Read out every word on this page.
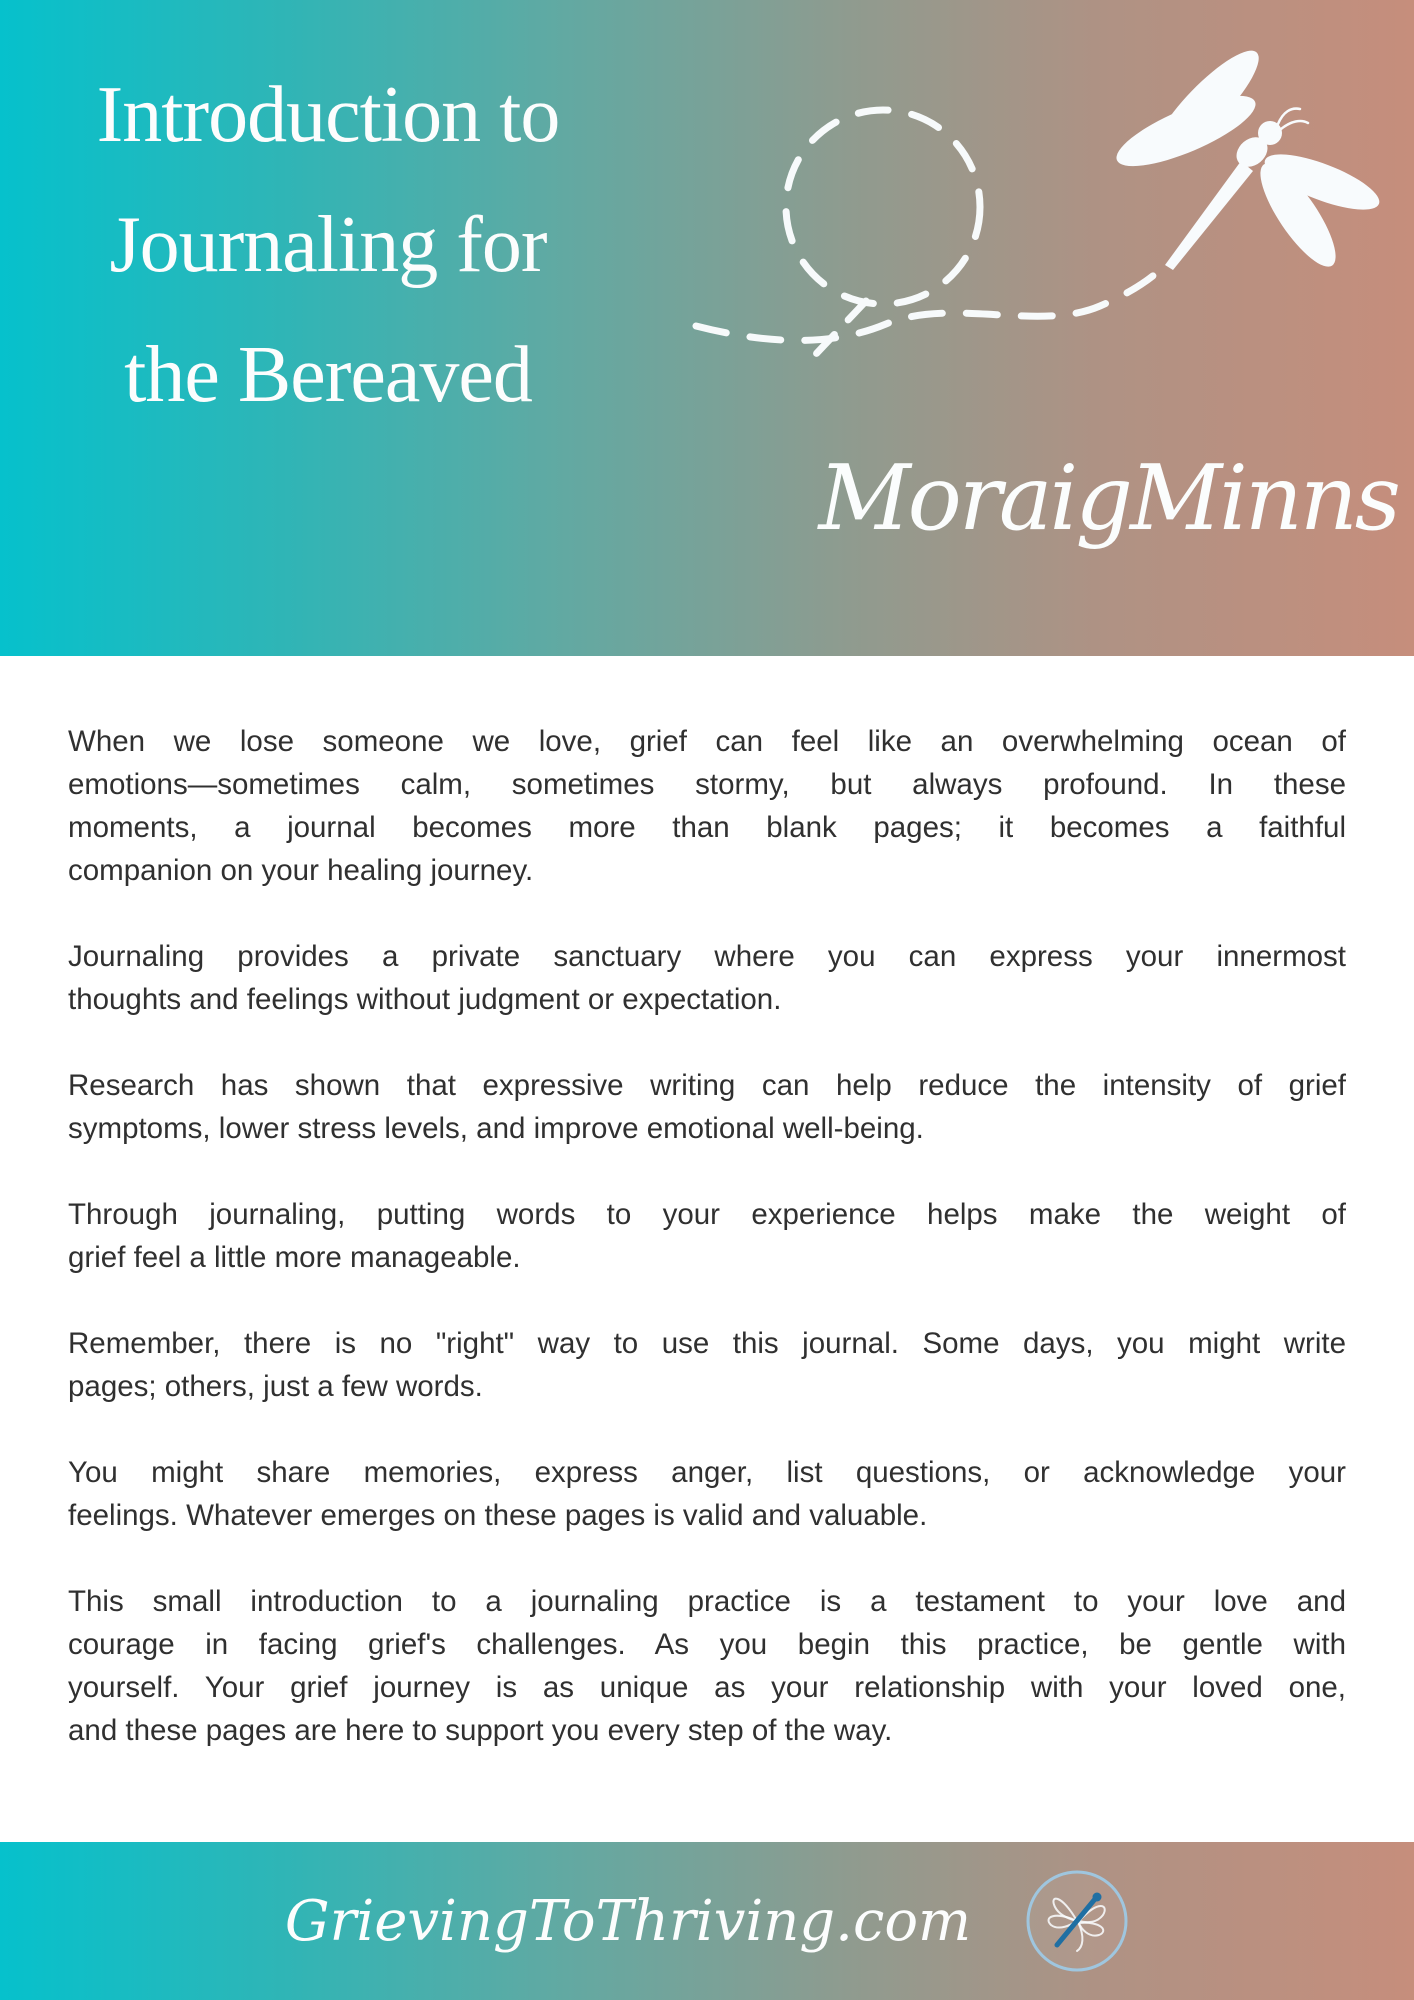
Introduction to
Journaling for
the Bereaved
MoraigMinns
When we lose someone we love, grief can feel like an overwhelming ocean of
emotions—sometimes calm, sometimes stormy, but always profound. In these
moments, a journal becomes more than blank pages; it becomes a faithful
companion on your healing journey.
Journaling provides a private sanctuary where you can express your innermost
thoughts and feelings without judgment or expectation.
Research has shown that expressive writing can help reduce the intensity of grief
symptoms, lower stress levels, and improve emotional well-being.
Through journaling, putting words to your experience helps make the weight of
grief feel a little more manageable.
Remember, there is no "right" way to use this journal. Some days, you might write
pages; others, just a few words.
You might share memories, express anger, list questions, or acknowledge your
feelings. Whatever emerges on these pages is valid and valuable.
This small introduction to a journaling practice is a testament to your love and
courage in facing grief's challenges. As you begin this practice, be gentle with
yourself. Your grief journey is as unique as your relationship with your loved one,
and these pages are here to support you every step of the way.
GrievingToThriving.com
